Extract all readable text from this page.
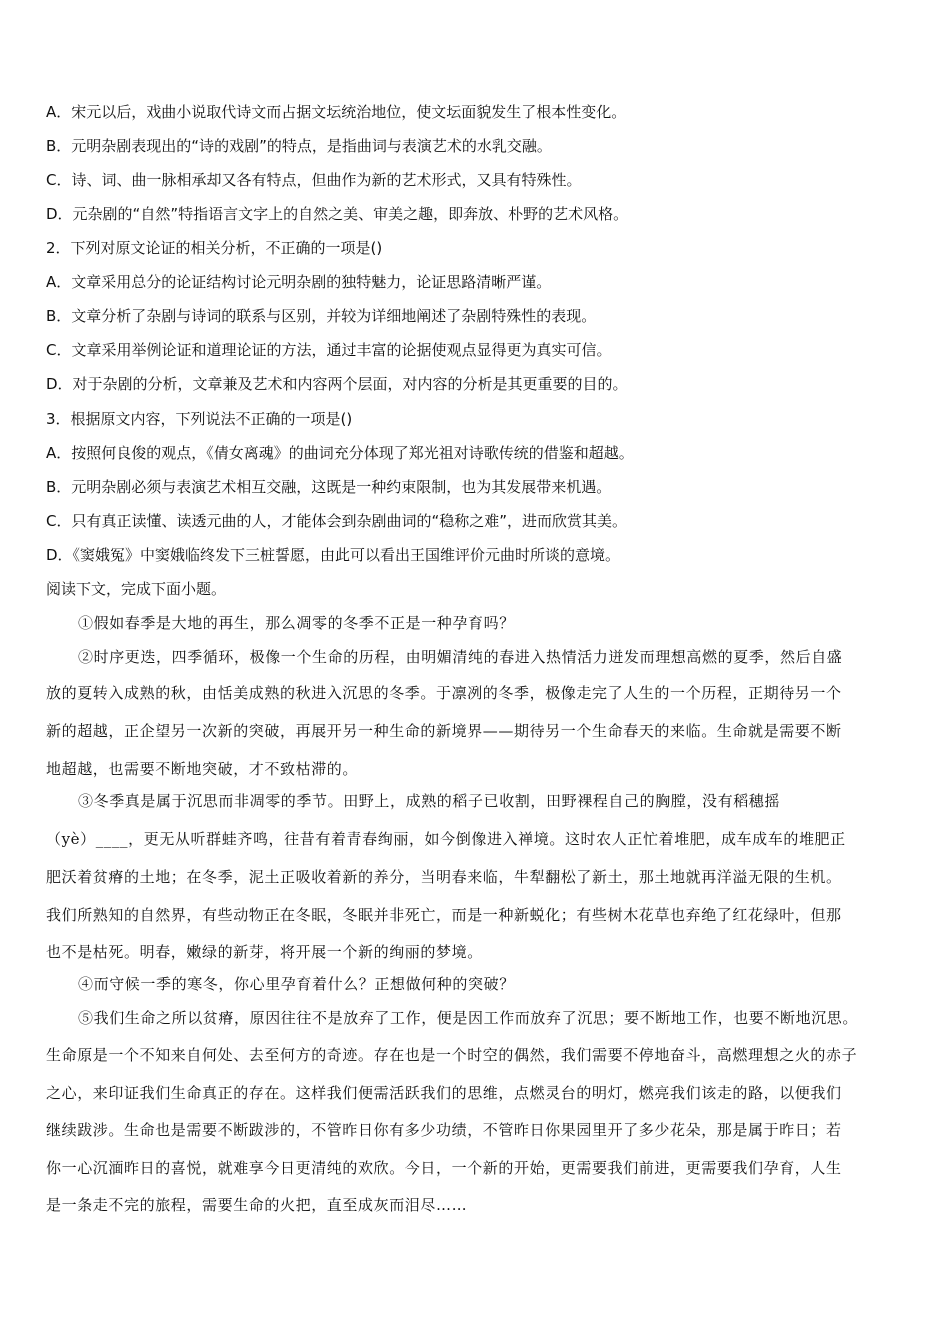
A．宋元以后，戏曲小说取代诗文而占据文坛统治地位，使文坛面貌发生了根本性变化。
B．元明杂剧表现出的“诗的戏剧”的特点，是指曲词与表演艺术的水乳交融。
C．诗、词、曲一脉相承却又各有特点，但曲作为新的艺术形式，又具有特殊性。
D．元杂剧的“自然”特指语言文字上的自然之美、审美之趣，即奔放、朴野的艺术风格。
2．下列对原文论证的相关分析，不正确的一项是()
A．文章采用总分的论证结构讨论元明杂剧的独特魅力，论证思路清晰严谨。
B．文章分析了杂剧与诗词的联系与区别，并较为详细地阐述了杂剧特殊性的表现。
C．文章采用举例论证和道理论证的方法，通过丰富的论据使观点显得更为真实可信。
D．对于杂剧的分析，文章兼及艺术和内容两个层面，对内容的分析是其更重要的目的。
3．根据原文内容，下列说法不正确的一项是()
A．按照何良俊的观点，《倩女离魂》的曲词充分体现了郑光祖对诗歌传统的借鉴和超越。
B．元明杂剧必须与表演艺术相互交融，这既是一种约束限制，也为其发展带来机遇。
C．只有真正读懂、读透元曲的人，才能体会到杂剧曲词的“稳称之难”，进而欣赏其美。
D．《窦娥冤》中窦娥临终发下三桩誓愿，由此可以看出王国维评价元曲时所谈的意境。
阅读下文，完成下面小题。
①假如春季是大地的再生，那么凋零的冬季不正是一种孕育吗？
②时序更迭，四季循环，极像一个生命的历程，由明媚清纯的春进入热情活力迸发而理想高燃的夏季，然后自盛
放的夏转入成熟的秋，由恬美成熟的秋进入沉思的冬季。于凛冽的冬季，极像走完了人生的一个历程，正期待另一个
新的超越，正企望另一次新的突破，再展开另一种生命的新境界——期待另一个生命春天的来临。生命就是需要不断
地超越，也需要不断地突破，才不致枯滞的。
③冬季真是属于沉思而非凋零的季节。田野上，成熟的稻子已收割，田野裸程自己的胸膛，没有稻穗摇
（yè）____，更无从听群蛙齐鸣，往昔有着青春绚丽，如今倒像进入禅境。这时农人正忙着堆肥，成车成车的堆肥正
肥沃着贫瘠的土地；在冬季，泥土正吸收着新的养分，当明春来临，牛犁翻松了新土，那土地就再洋溢无限的生机。
我们所熟知的自然界，有些动物正在冬眠，冬眠并非死亡，而是一种新蜕化；有些树木花草也弃绝了红花绿叶，但那
也不是枯死。明春，嫩绿的新芽，将开展一个新的绚丽的梦境。
④而守候一季的寒冬，你心里孕育着什么？正想做何种的突破？
⑤我们生命之所以贫瘠，原因往往不是放弃了工作，便是因工作而放弃了沉思；要不断地工作，也要不断地沉思。
生命原是一个不知来自何处、去至何方的奇迹。存在也是一个时空的偶然，我们需要不停地奋斗，高燃理想之火的赤子
之心，来印证我们生命真正的存在。这样我们便需活跃我们的思维，点燃灵台的明灯，燃亮我们该走的路，以便我们
继续跋涉。生命也是需要不断跋涉的，不管昨日你有多少功绩，不管昨日你果园里开了多少花朵，那是属于昨日；若
你一心沉湎昨日的喜悦，就难享今日更清纯的欢欣。今日，一个新的开始，更需要我们前进，更需要我们孕育，人生
是一条走不完的旅程，需要生命的火把，直至成灰而泪尽……
